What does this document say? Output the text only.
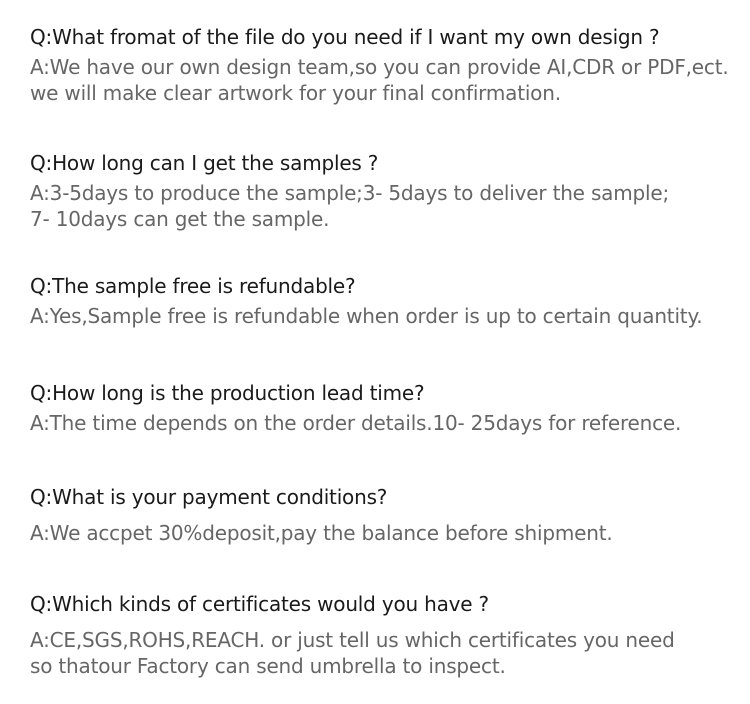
Q:What fromat of the file do you need if I want my own design ?
A:We have our own design team,so you can provide AI,CDR or PDF,ect.
we will make clear artwork for your final confirmation.
Q:How long can I get the samples ?
A:3-5days to produce the sample;3- 5days to deliver the sample;
7- 10days can get the sample.
Q:The sample free is refundable?
A:Yes,Sample free is refundable when order is up to certain quantity.
Q:How long is the production lead time?
A:The time depends on the order details.10- 25days for reference.
Q:What is your payment conditions?
A:We accpet 30%deposit,pay the balance before shipment.
Q:Which kinds of certificates would you have ?
A:CE,SGS,ROHS,REACH. or just tell us which certificates you need
so thatour Factory can send umbrella to inspect.
